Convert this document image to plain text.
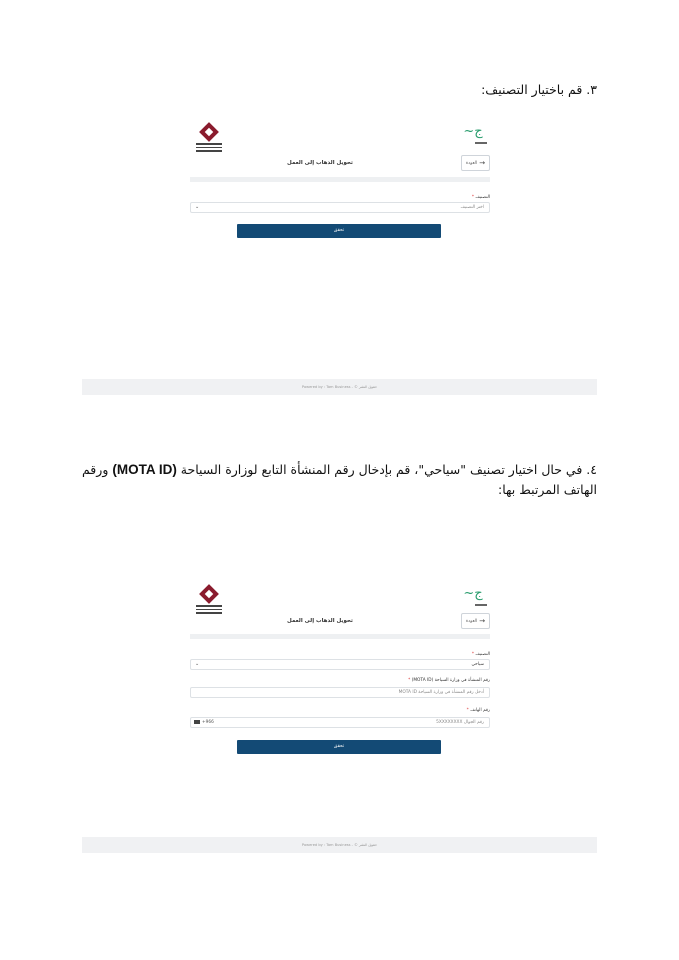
٣. قم باختيار التصنيف:
~ج
تحويل الذهاب إلى العمل	العودة →
التصنيف *
اختر التصنيف
⌄
تحقق
Powered by : Tam Business - © حقوق النشر
٤. في حال اختيار تصنيف "سياحي"، قم بإدخال رقم المنشأة التابع لوزارة السياحة (MOTA ID) ورقم الهاتف المرتبط بها:
~ج
تحويل الذهاب إلى العمل	العودة →
التصنيف *
سياحي
⌄
رقم المنشأة في وزارة السياحة (MOTA ID) *
أدخل رقم المنشأة في وزارة السياحة MOTA ID
رقم الهاتف *
رقم الجوال 5XXXXXXXX
+966
تحقق
Powered by : Tam Business - © حقوق النشر
